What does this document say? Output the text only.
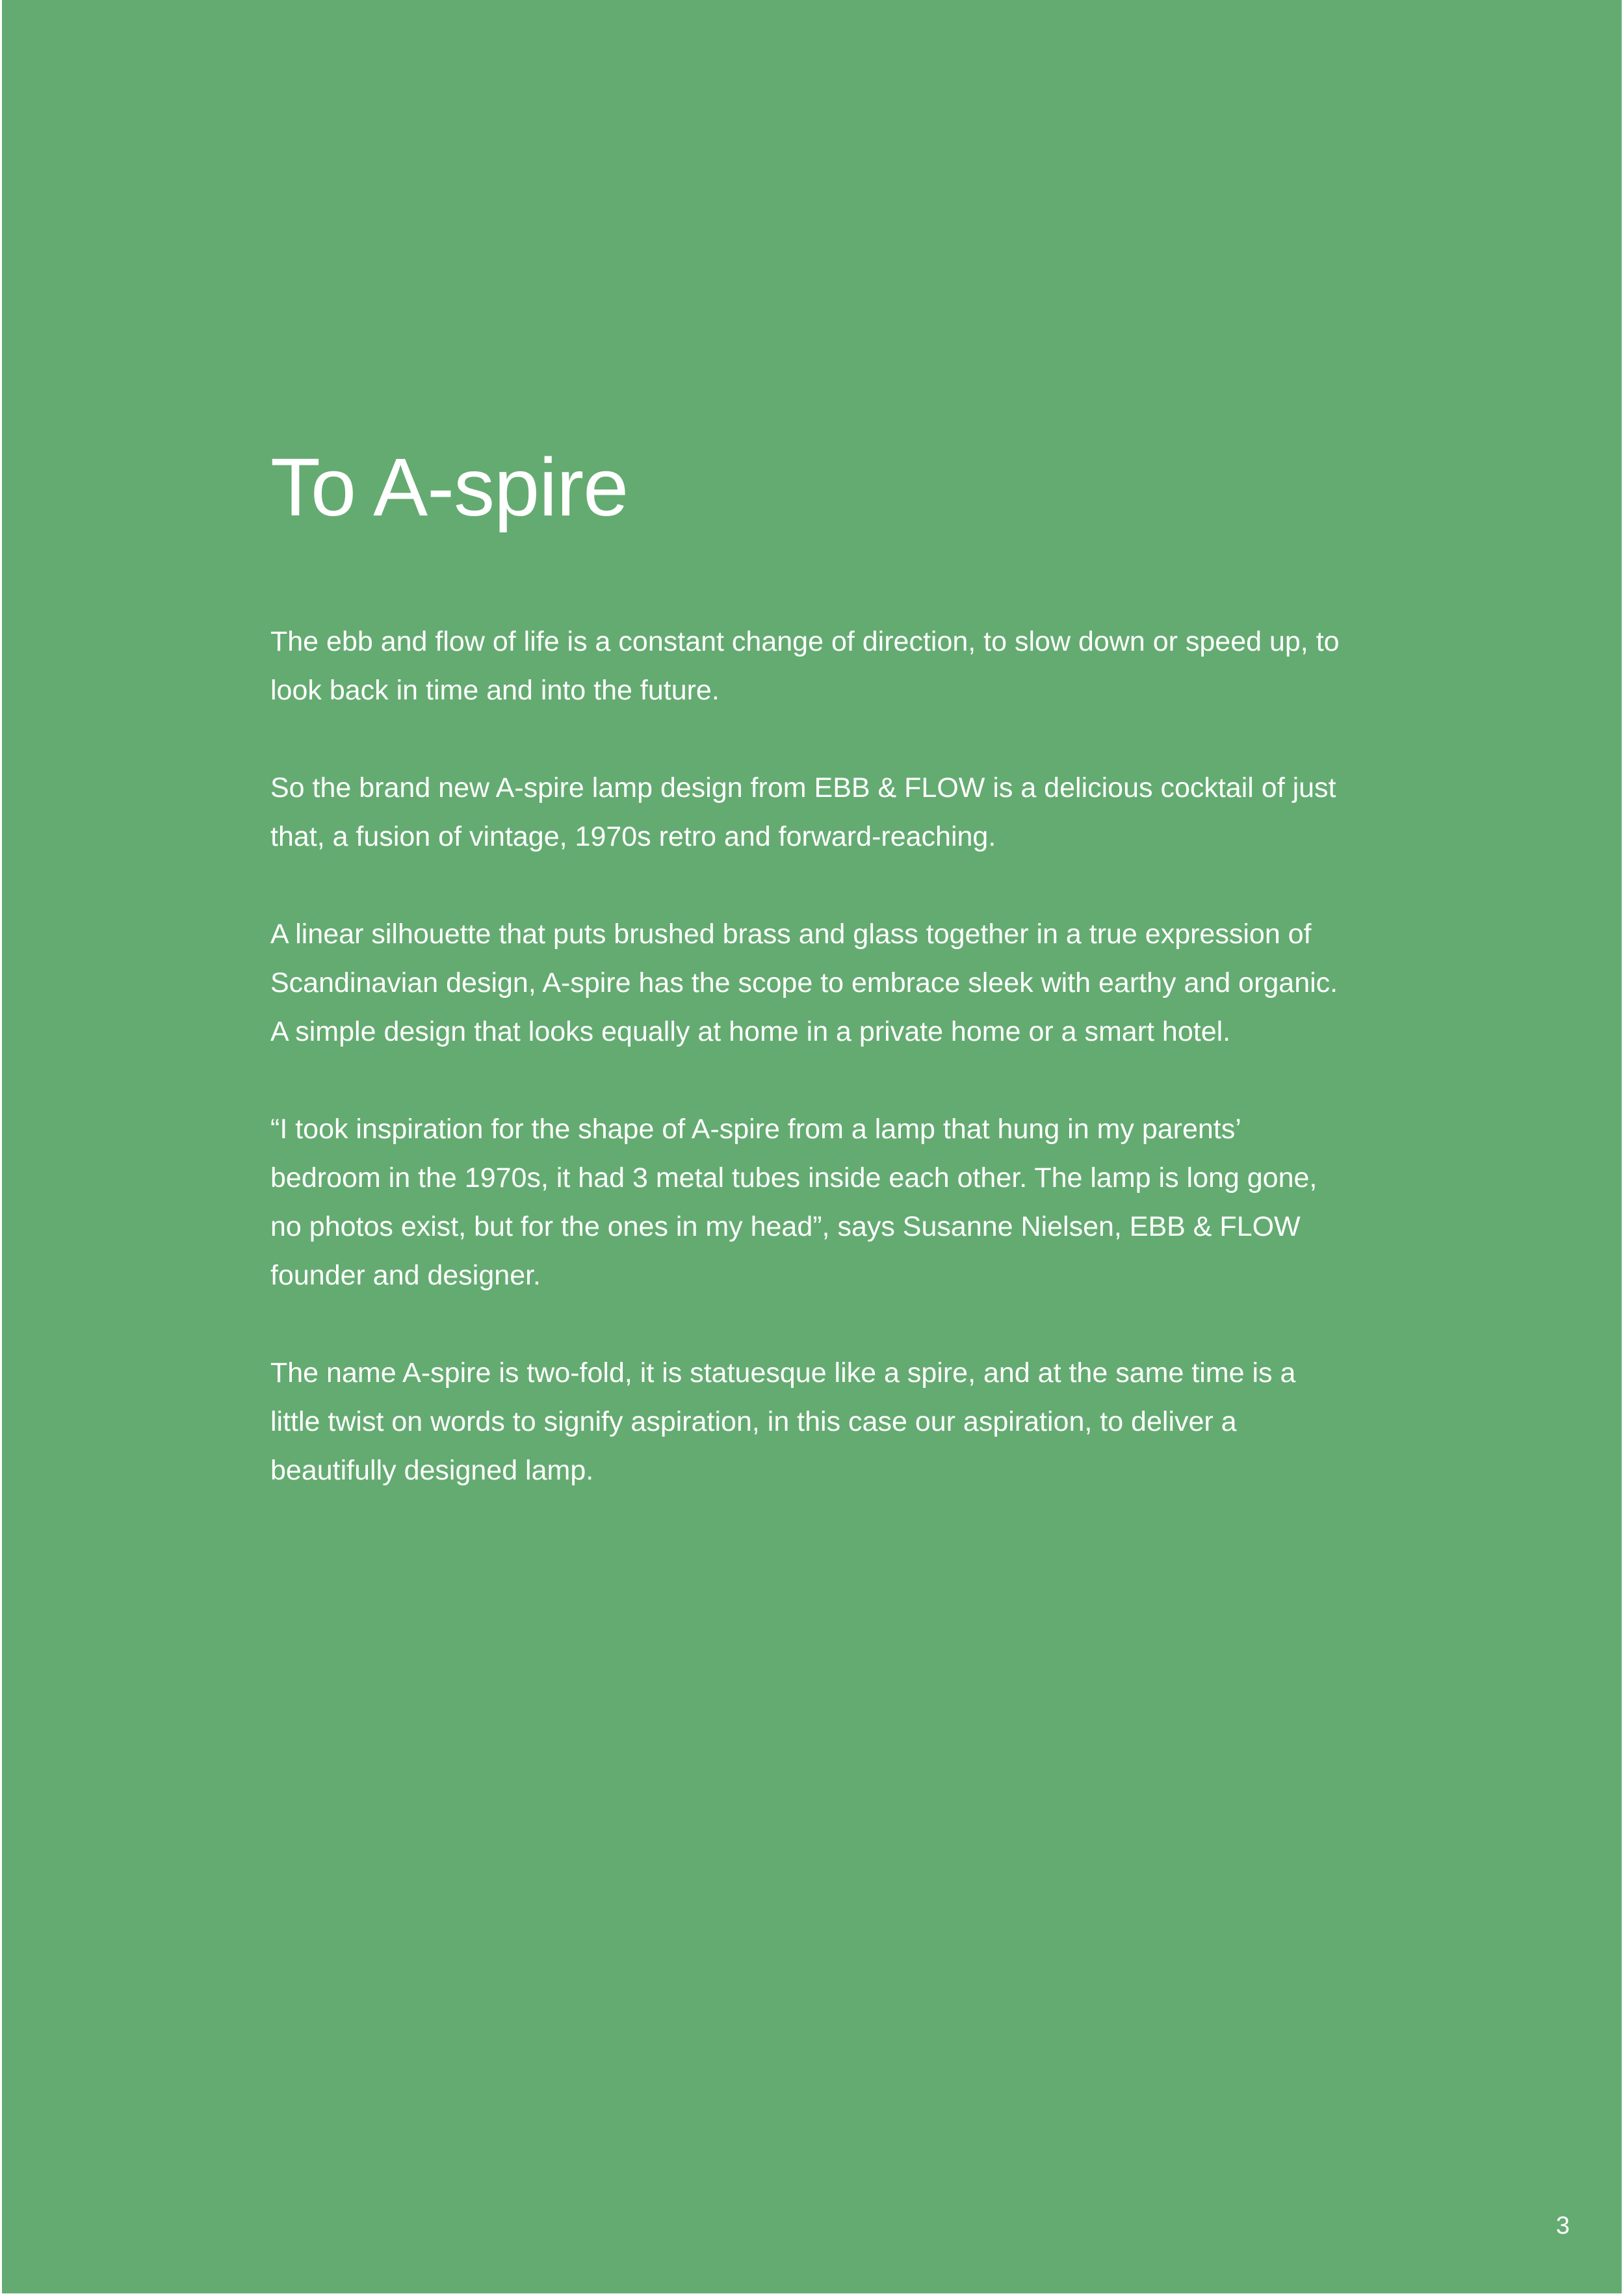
To A-spire

The ebb and flow of life is a constant change of direction, to slow down or speed up, to look back in time and into the future.

So the brand new A-spire lamp design from EBB & FLOW is a delicious cocktail of just that, a fusion of vintage, 1970s retro and forward-reaching.

A linear silhouette that puts brushed brass and glass together in a true expression of Scandinavian design, A-spire has the scope to embrace sleek with earthy and organic.
A simple design that looks equally at home in a private home or a smart hotel.

“I took inspiration for the shape of A-spire from a lamp that hung in my parents’ bedroom in the 1970s, it had 3 metal tubes inside each other. The lamp is long gone, no photos exist, but for the ones in my head”, says Susanne Nielsen, EBB & FLOW founder and designer.

The name A-spire is two-fold, it is statuesque like a spire, and at the same time is a little twist on words to signify aspiration, in this case our aspiration, to deliver a beautifully designed lamp.

3
